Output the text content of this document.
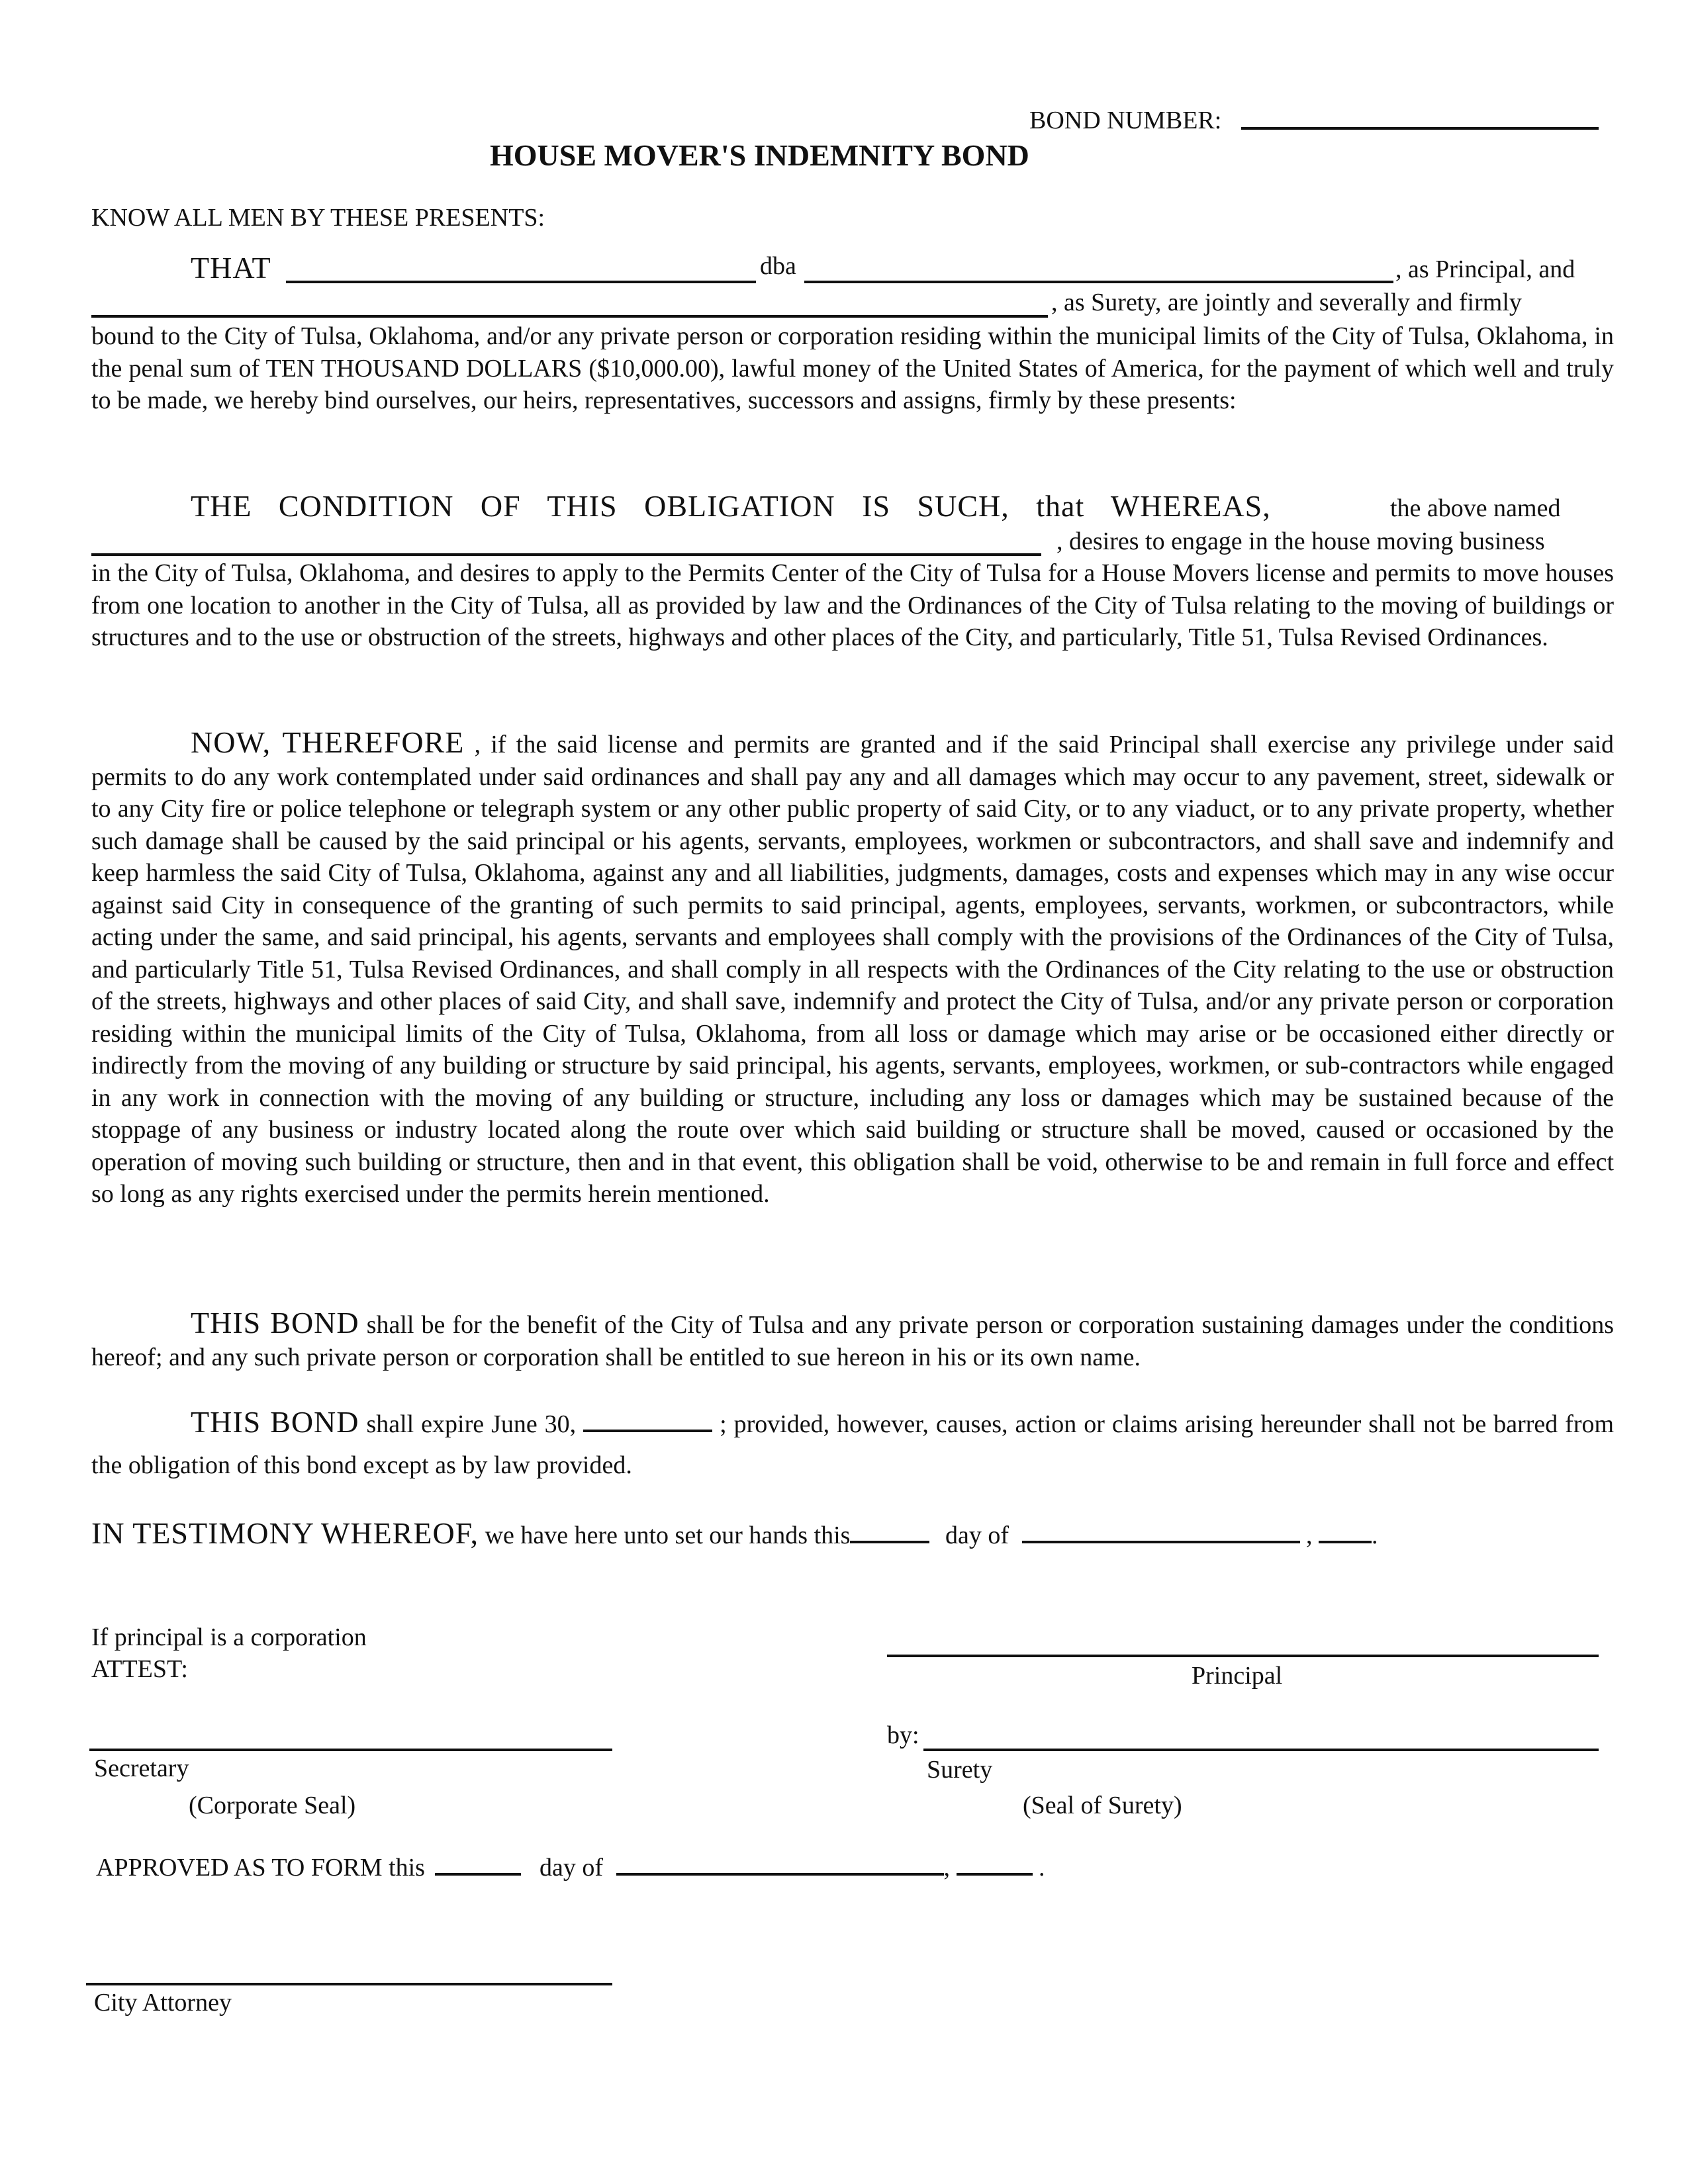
BOND NUMBER:
HOUSE MOVER'S INDEMNITY BOND
KNOW ALL MEN BY THESE PRESENTS:
THAT	dba	, as Principal, and
, as Surety, are jointly and severally and firmly
bound to the City of Tulsa, Oklahoma, and/or any private person or corporation residing within the municipal limits of the City of Tulsa, Oklahoma, in the penal sum of TEN THOUSAND DOLLARS ($10,000.00), lawful money of the United States of America, for the payment of which well and truly to be made, we hereby bind ourselves, our heirs, representatives, successors and assigns, firmly by these presents:
THE CONDITION OF THIS OBLIGATION IS SUCH, that WHEREAS,	the above named
, desires to engage in the house moving business
in the City of Tulsa, Oklahoma, and desires to apply to the Permits Center of the City of Tulsa for a House Movers license and permits to move houses from one location to another in the City of Tulsa, all as provided by law and the Ordinances of the City of Tulsa relating to the moving of buildings or structures and to the use or obstruction of the streets, highways and other places of the City, and particularly, Title 51, Tulsa Revised Ordinances.
NOW, THEREFORE , if the said license and permits are granted and if the said Principal shall exercise any privilege under said permits to do any work contemplated under said ordinances and shall pay any and all damages which may occur to any pavement, street, sidewalk or to any City fire or police telephone or telegraph system or any other public property of said City, or to any viaduct, or to any private property, whether such damage shall be caused by the said principal or his agents, servants, employees, workmen or subcontractors, and shall save and indemnify and keep harmless the said City of Tulsa, Oklahoma, against any and all liabilities, judgments, damages, costs and expenses which may in any wise occur against said City in consequence of the granting of such permits to said principal, agents, employees, servants, workmen, or subcontractors, while acting under the same, and said principal, his agents, servants and employees shall comply with the provisions of the Ordinances of the City of Tulsa, and particularly Title 51, Tulsa Revised Ordinances, and shall comply in all respects with the Ordinances of the City relating to the use or obstruction of the streets, highways and other places of said City, and shall save, indemnify and protect the City of Tulsa, and/or any private person or corporation residing within the municipal limits of the City of Tulsa, Oklahoma, from all loss or damage which may arise or be occasioned either directly or indirectly from the moving of any building or structure by said principal, his agents, servants, employees, workmen, or sub-contractors while engaged in any work in connection with the moving of any building or structure, including any loss or damages which may be sustained because of the stoppage of any business or industry located along the route over which said building or structure shall be moved, caused or occasioned by the operation of moving such building or structure, then and in that event, this obligation shall be void, otherwise to be and remain in full force and effect so long as any rights exercised under the permits herein mentioned.
THIS BOND shall be for the benefit of the City of Tulsa and any private person or corporation sustaining damages under the conditions hereof; and any such private person or corporation shall be entitled to sue hereon in his or its own name.
THIS BOND shall expire June 30,	; provided, however, causes, action or claims arising hereunder shall not be barred from the obligation of this bond except as by law provided.
IN TESTIMONY WHEREOF, we have here unto set our hands this	day of	, .
If principal is a corporation
ATTEST:	Principal
by:
Secretary	Surety
(Corporate Seal)	(Seal of Surety)
APPROVED AS TO FORM this	day of	,	.
City Attorney
